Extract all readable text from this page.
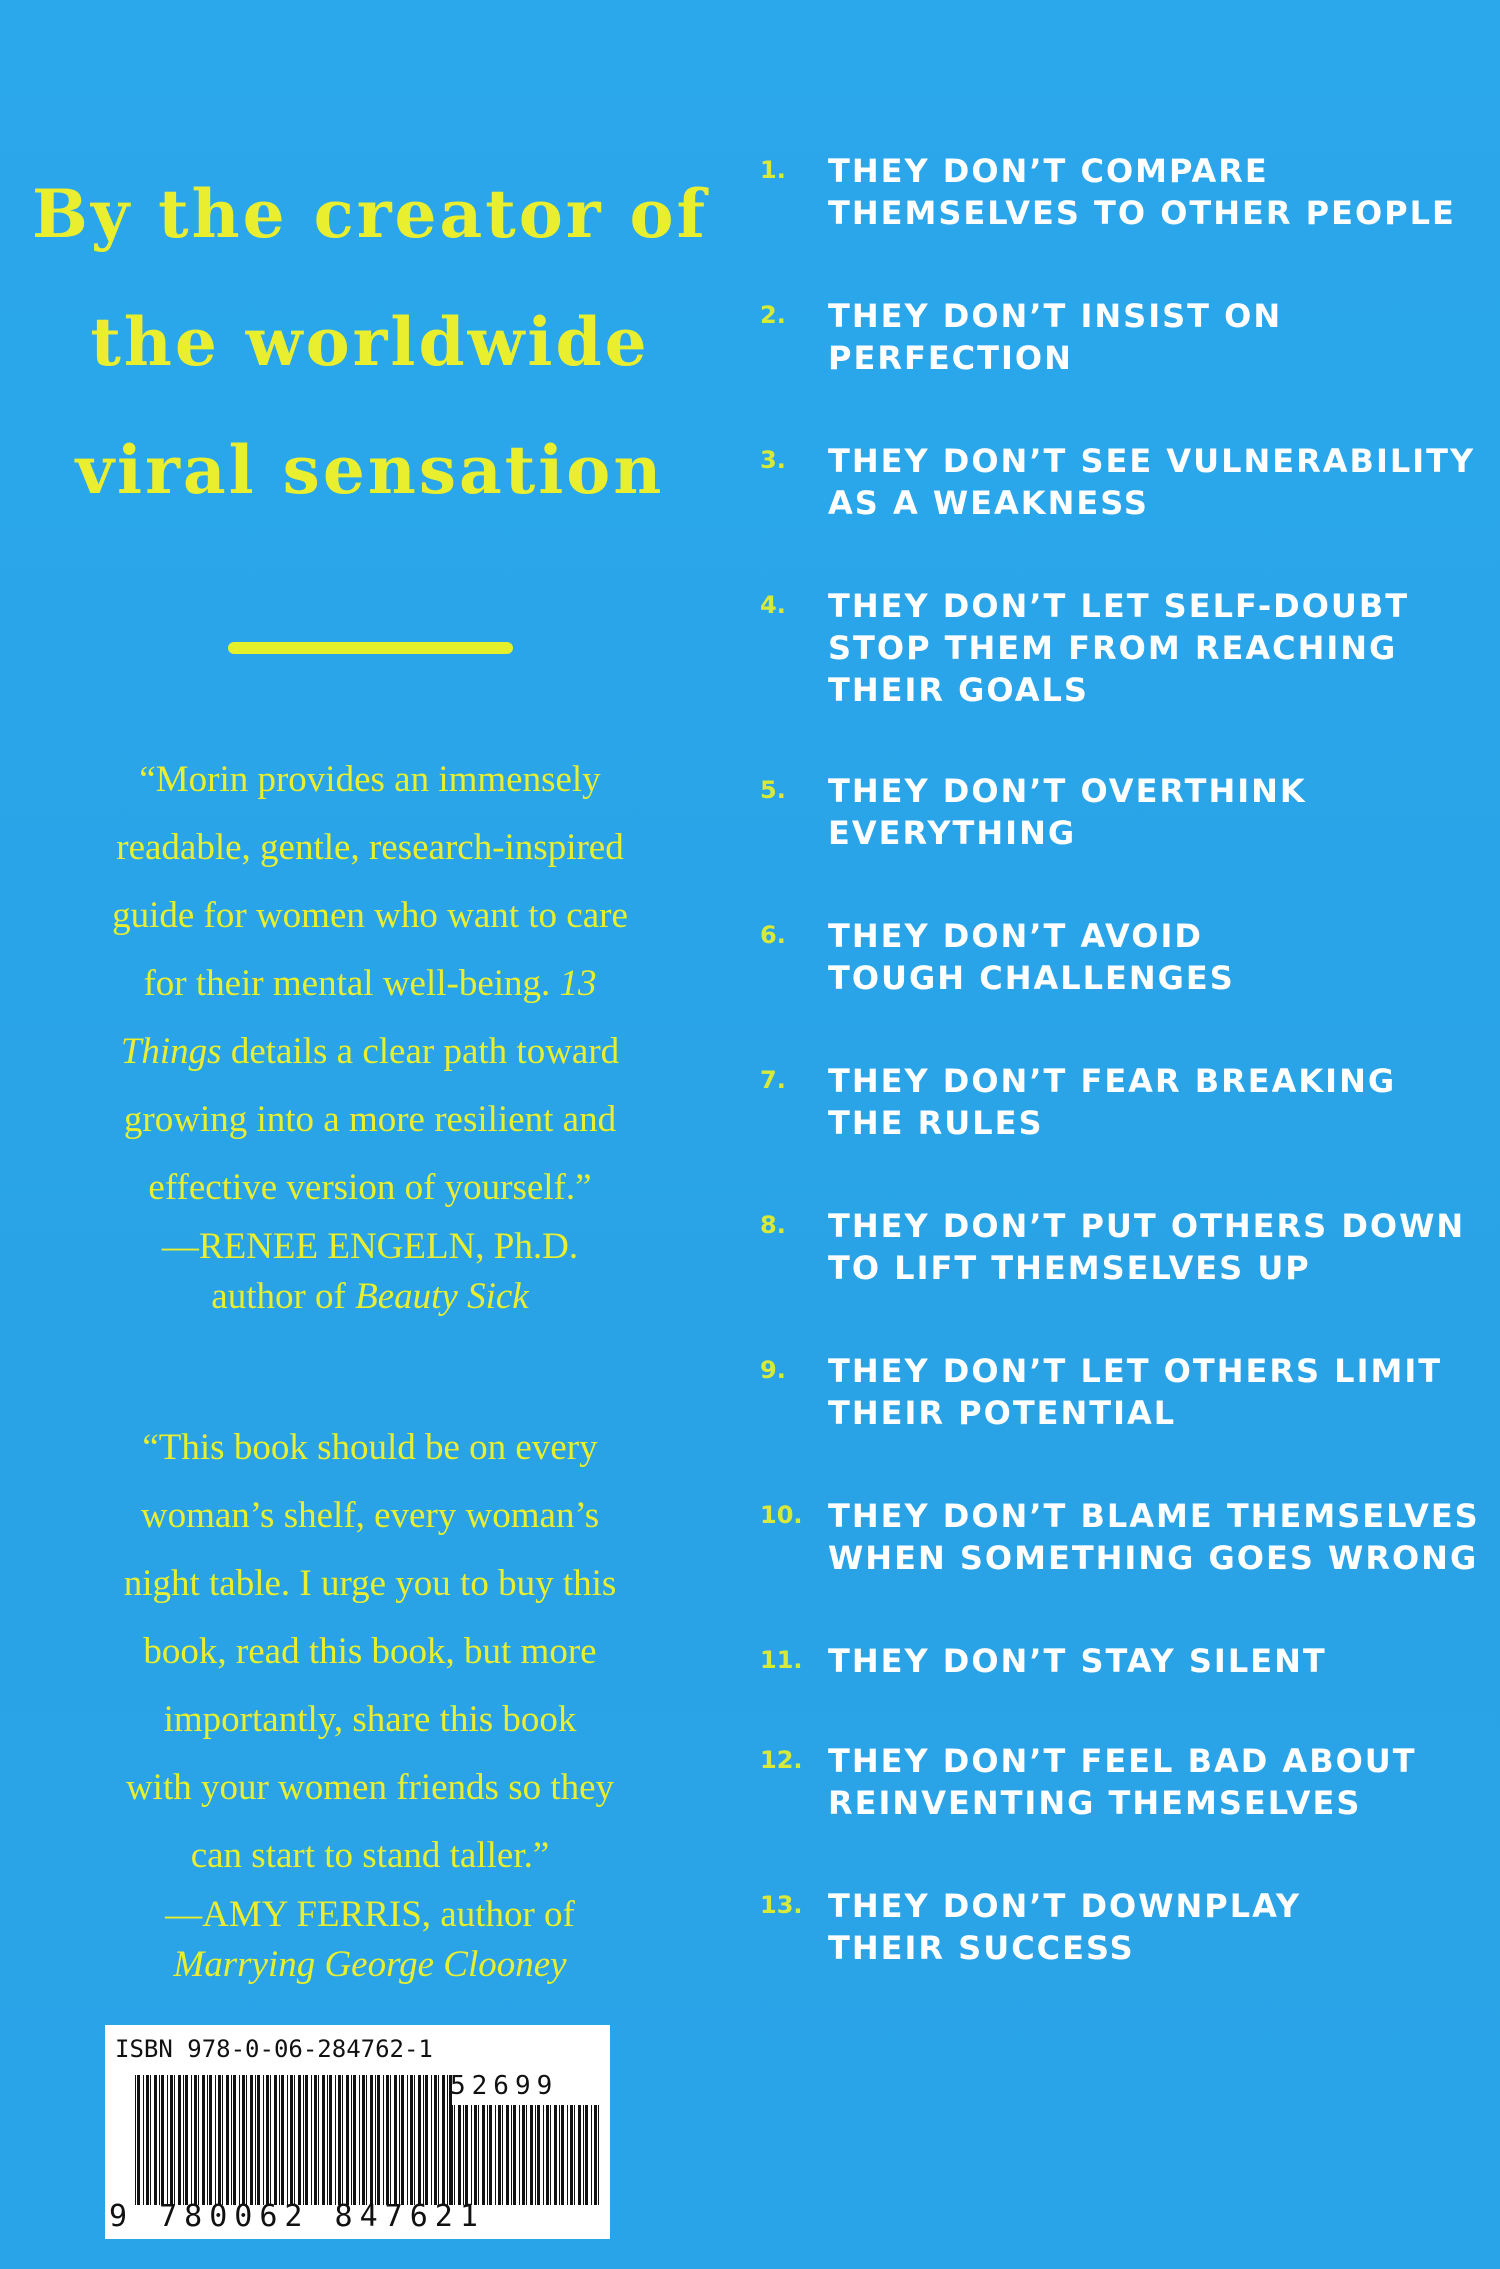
By the creator of
the worldwide
viral sensation

“Morin provides an immensely
readable, gentle, research-inspired
guide for women who want to care
for their mental well-being. 13
Things details a clear path toward
growing into a more resilient and
effective version of yourself.”

—RENEE ENGELN, Ph.D.
author of Beauty Sick

“This book should be on every
woman’s shelf, every woman’s
night table. I urge you to buy this
book, read this book, but more
importantly, share this book
with your women friends so they
can start to stand taller.”

—AMY FERRIS, author of
Marrying George Clooney
1.	THEY DON’T COMPARE
THEMSELVES TO OTHER PEOPLE
2.	THEY DON’T INSIST ON
PERFECTION
3.	THEY DON’T SEE VULNERABILITY
AS A WEAKNESS
4.	THEY DON’T LET SELF-DOUBT
STOP THEM FROM REACHING
THEIR GOALS
5.	THEY DON’T OVERTHINK
EVERYTHING
6.	THEY DON’T AVOID
TOUGH CHALLENGES
7.	THEY DON’T FEAR BREAKING
THE RULES
8.	THEY DON’T PUT OTHERS DOWN
TO LIFT THEMSELVES UP
9.	THEY DON’T LET OTHERS LIMIT
THEIR POTENTIAL
10. THEY DON’T BLAME THEMSELVES
WHEN SOMETHING GOES WRONG
11. THEY DON’T STAY SILENT
12. THEY DON’T FEEL BAD ABOUT
REINVENTING THEMSELVES
13. THEY DON’T DOWNPLAY
THEIR SUCCESS
ISBN 978-0-06-284762-1
52699
9 780062 847621
